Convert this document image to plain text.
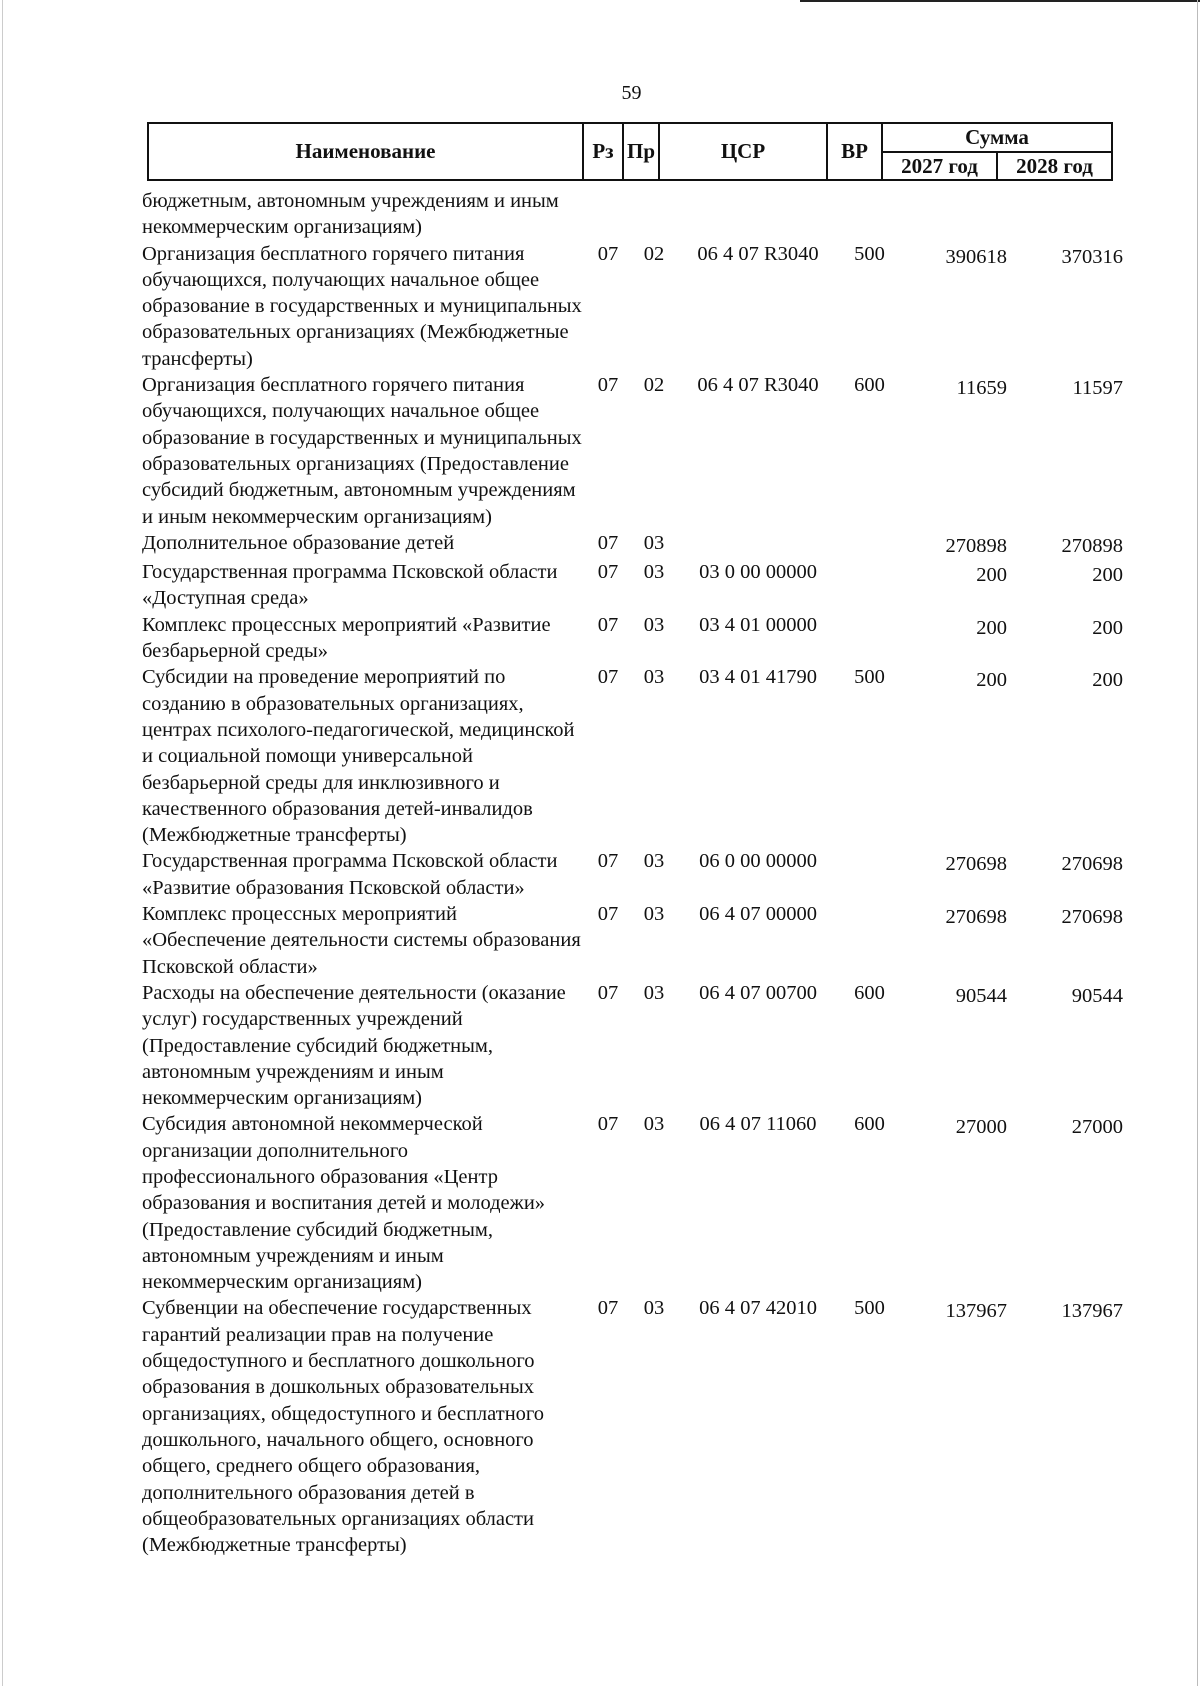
59
Наименование	Рз	Пр	ЦСР	ВР	Сумма	
					2027 год	2028 год
бюджетным, автономным учреждениям и иным некоммерческим организациям)						
Организация бесплатного горячего питания обучающихся, получающих начальное общее образование в государственных и муниципальных образовательных организациях (Межбюджетные трансферты)	07	02	06 4 07 R3040	500	390618	370316
Организация бесплатного горячего питания обучающихся, получающих начальное общее образование в государственных и муниципальных образовательных организациях (Предоставление субсидий бюджетным, автономным учреждениям и иным некоммерческим организациям)	07	02	06 4 07 R3040	600	11659	11597
Дополнительное образование детей	07	03			270898	270898
Государственная программа Псковской области «Доступная среда»	07	03	03 0 00 00000		200	200
Комплекс процессных мероприятий «Развитие безбарьерной среды»	07	03	03 4 01 00000		200	200
Субсидии на проведение мероприятий по созданию в образовательных организациях, центрах психолого-педагогической, медицинской и социальной помощи универсальной безбарьерной среды для инклюзивного и качественного образования детей-инвалидов (Межбюджетные трансферты)	07	03	03 4 01 41790	500	200	200
Государственная программа Псковской области «Развитие образования Псковской области»	07	03	06 0 00 00000		270698	270698
Комплекс процессных мероприятий «Обеспечение деятельности системы образования Псковской области»	07	03	06 4 07 00000		270698	270698
Расходы на обеспечение деятельности (оказание услуг) государственных учреждений (Предоставление субсидий бюджетным, автономным учреждениям и иным некоммерческим организациям)	07	03	06 4 07 00700	600	90544	90544
Субсидия автономной некоммерческой организации дополнительного профессионального образования «Центр образования и воспитания детей и молодежи» (Предоставление субсидий бюджетным, автономным учреждениям и иным некоммерческим организациям)	07	03	06 4 07 11060	600	27000	27000
Субвенции на обеспечение государственных гарантий реализации прав на получение общедоступного и бесплатного дошкольного образования в дошкольных образовательных организациях, общедоступного и бесплатного дошкольного, начального общего, основного общего, среднего общего образования, дополнительного образования детей в общеобразовательных организациях области (Межбюджетные трансферты)	07	03	06 4 07 42010	500	137967	137967
